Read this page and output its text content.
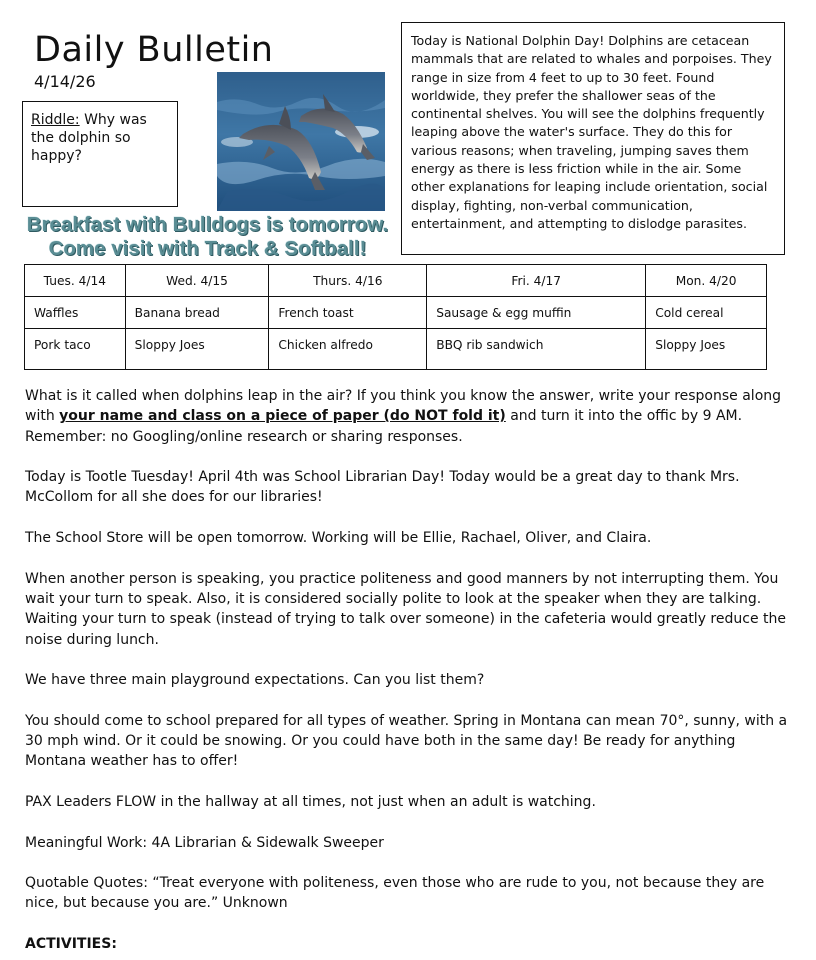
Daily Bulletin
4/14/26
Riddle: Why was the dolphin so happy?
Breakfast with Bulldogs is tomorrow.
Come visit with Track & Softball!
Today is National Dolphin Day! Dolphins are cetacean mammals that are related to whales and porpoises. They range in size from 4 feet to up to 30 feet. Found worldwide, they prefer the shallower seas of the continental shelves. You will see the dolphins frequently leaping above the water's surface. They do this for various reasons; when traveling, jumping saves them energy as there is less friction while in the air. Some other explanations for leaping include orientation, social display, fighting, non-verbal communication, entertainment, and attempting to dislodge parasites.
Tues. 4/14	Wed. 4/15	Thurs. 4/16	Fri. 4/17	Mon. 4/20
Waffles	Banana bread	French toast	Sausage & egg muffin	Cold cereal
Pork taco	Sloppy Joes	Chicken alfredo	BBQ rib sandwich	Sloppy Joes

What is it called when dolphins leap in the air? If you think you know the answer, write your response along with your name and class on a piece of paper (do NOT fold it) and turn it into the offic by 9 AM. Remember: no Googling/online research or sharing responses.

Today is Tootle Tuesday! April 4th was School Librarian Day! Today would be a great day to thank Mrs. McCollom for all she does for our libraries!

The School Store will be open tomorrow. Working will be Ellie, Rachael, Oliver, and Claira.

When another person is speaking, you practice politeness and good manners by not interrupting them. You wait your turn to speak. Also, it is considered socially polite to look at the speaker when they are talking. Waiting your turn to speak (instead of trying to talk over someone) in the cafeteria would greatly reduce the noise during lunch.

We have three main playground expectations. Can you list them?

You should come to school prepared for all types of weather. Spring in Montana can mean 70°, sunny, with a 30 mph wind. Or it could be snowing. Or you could have both in the same day! Be ready for anything Montana weather has to offer!

PAX Leaders FLOW in the hallway at all times, not just when an adult is watching.

Meaningful Work: 4A Librarian & Sidewalk Sweeper

Quotable Quotes: “Treat everyone with politeness, even those who are rude to you, not because they are nice, but because you are.” Unknown

ACTIVITIES:
